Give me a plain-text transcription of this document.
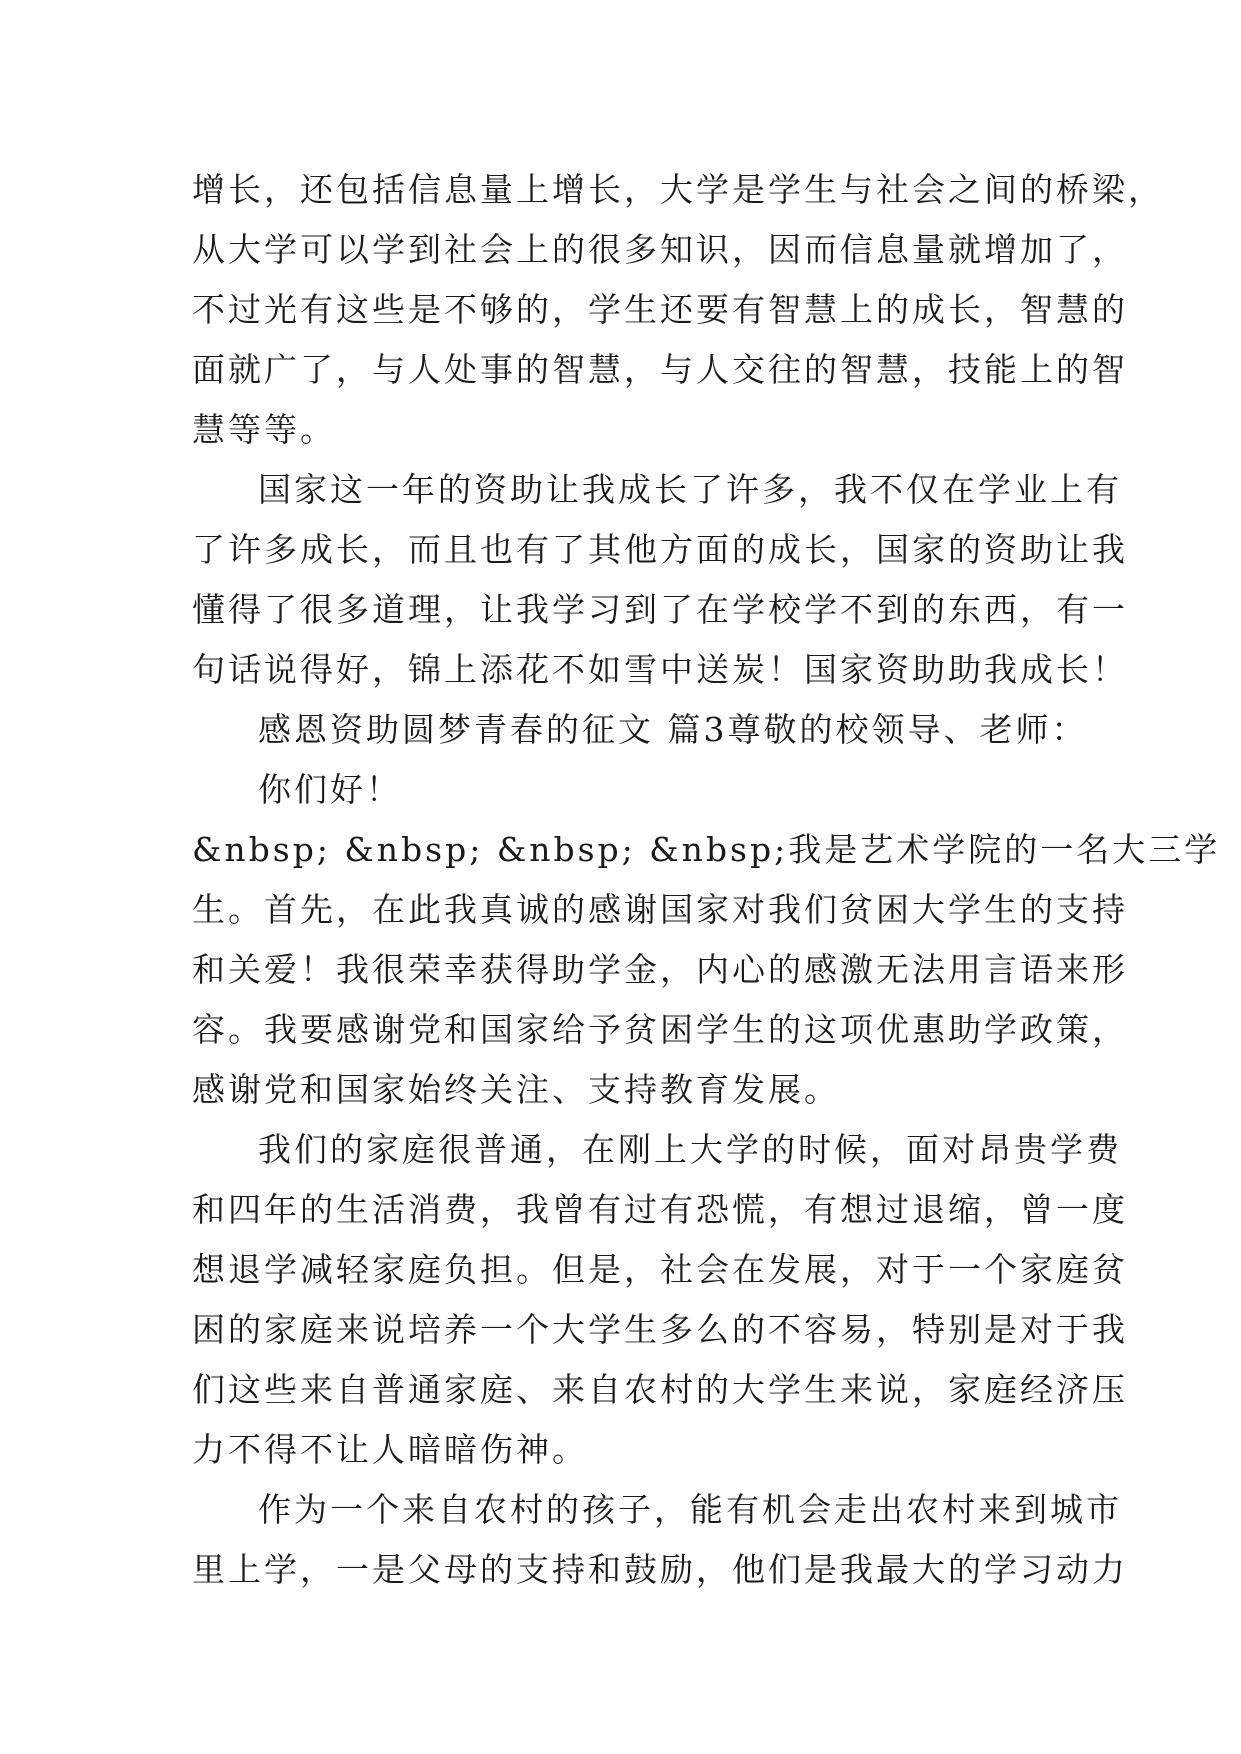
增长，还包括信息量上增长，大学是学生与社会之间的桥梁，
从大学可以学到社会上的很多知识，因而信息量就增加了，
不过光有这些是不够的，学生还要有智慧上的成长，智慧的
面就广了，与人处事的智慧，与人交往的智慧，技能上的智
慧等等。
国家这一年的资助让我成长了许多，我不仅在学业上有
了许多成长，而且也有了其他方面的成长，国家的资助让我
懂得了很多道理，让我学习到了在学校学不到的东西，有一
句话说得好，锦上添花不如雪中送炭！国家资助助我成长！
感恩资助圆梦青春的征文 篇3尊敬的校领导、老师：
你们好！
&nbsp; &nbsp; &nbsp; &nbsp;我是艺术学院的一名大三学
生。首先，在此我真诚的感谢国家对我们贫困大学生的支持
和关爱！我很荣幸获得助学金，内心的感激无法用言语来形
容。我要感谢党和国家给予贫困学生的这项优惠助学政策，
感谢党和国家始终关注、支持教育发展。
我们的家庭很普通，在刚上大学的时候，面对昂贵学费
和四年的生活消费，我曾有过有恐慌，有想过退缩，曾一度
想退学减轻家庭负担。但是，社会在发展，对于一个家庭贫
困的家庭来说培养一个大学生多么的不容易，特别是对于我
们这些来自普通家庭、来自农村的大学生来说，家庭经济压
力不得不让人暗暗伤神。
作为一个来自农村的孩子，能有机会走出农村来到城市
里上学，一是父母的支持和鼓励，他们是我最大的学习动力
